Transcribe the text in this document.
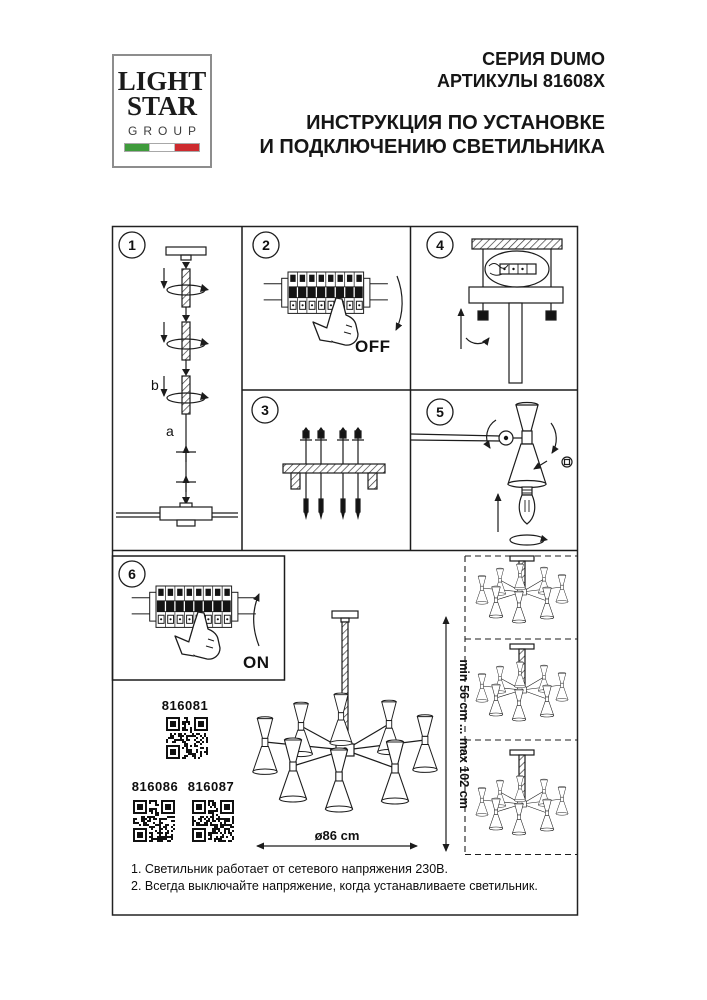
LIGHT
STAR
GROUP
СЕРИЯ DUMO
АРТИКУЛЫ 81608X
ИНСТРУКЦИЯ ПО УСТАНОВКЕ
И ПОДКЛЮЧЕНИЮ СВЕТИЛЬНИКА
1	2	4
3	5
6
b
a
OFF
ON	min 56 cm ... max 102 cm
ø86 cm
816081
816086 816087
1. Светильник работает от сетевого напряжения 230В.
2. Всегда выключайте напряжение, когда устанавливаете светильник.
